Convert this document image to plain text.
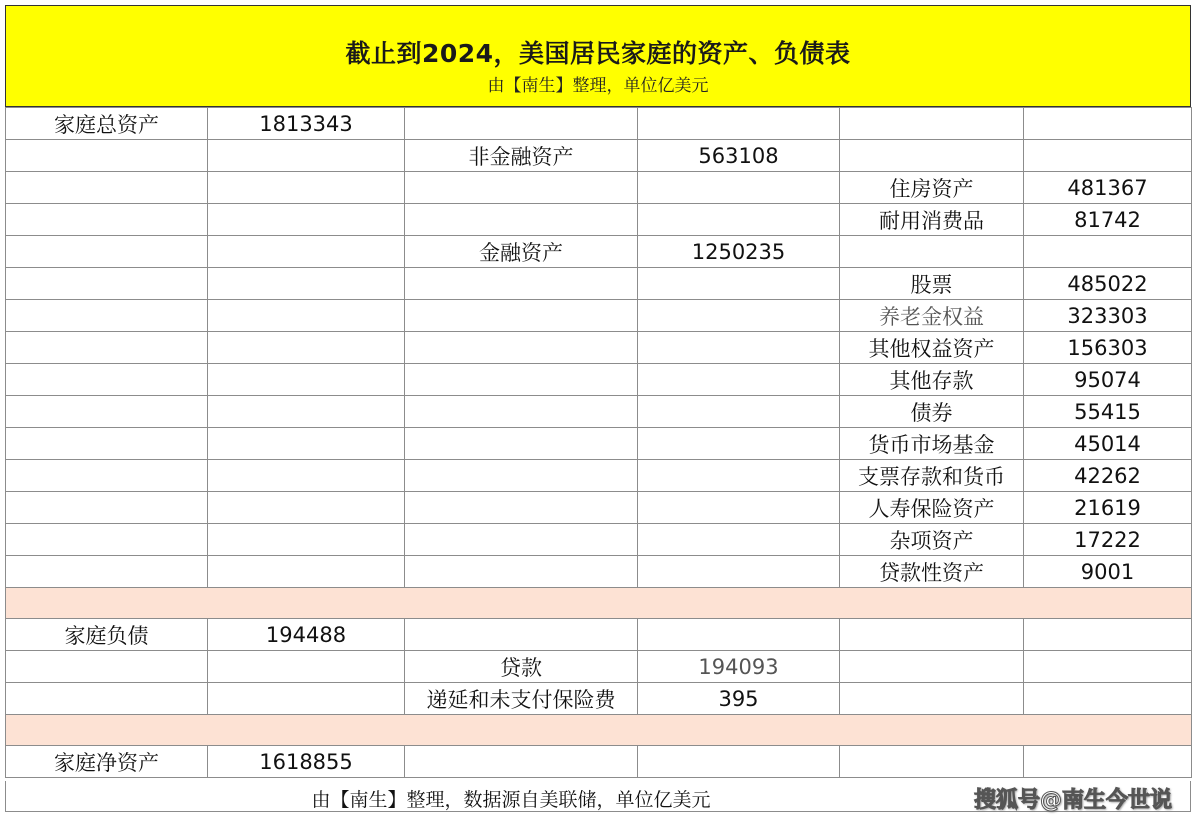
截止到2024，美国居民家庭的资产、负债表
由【南生】整理，单位亿美元
家庭总资产	1813343				
		非金融资产	563108		
				住房资产	481367
				耐用消费品	81742
		金融资产	1250235		
				股票	485022
				养老金权益	323303
				其他权益资产	156303
				其他存款	95074
				债券	55415
				货币市场基金	45014
				支票存款和货币	42262
				人寿保险资产	21619
				杂项资产	17222
				贷款性资产	9001

家庭负债	194488				
		贷款	194093		
		递延和未支付保险费	395		

家庭净资产	1618855				
由【南生】整理，数据源自美联储，单位亿美元	搜狐号@南生今世说
